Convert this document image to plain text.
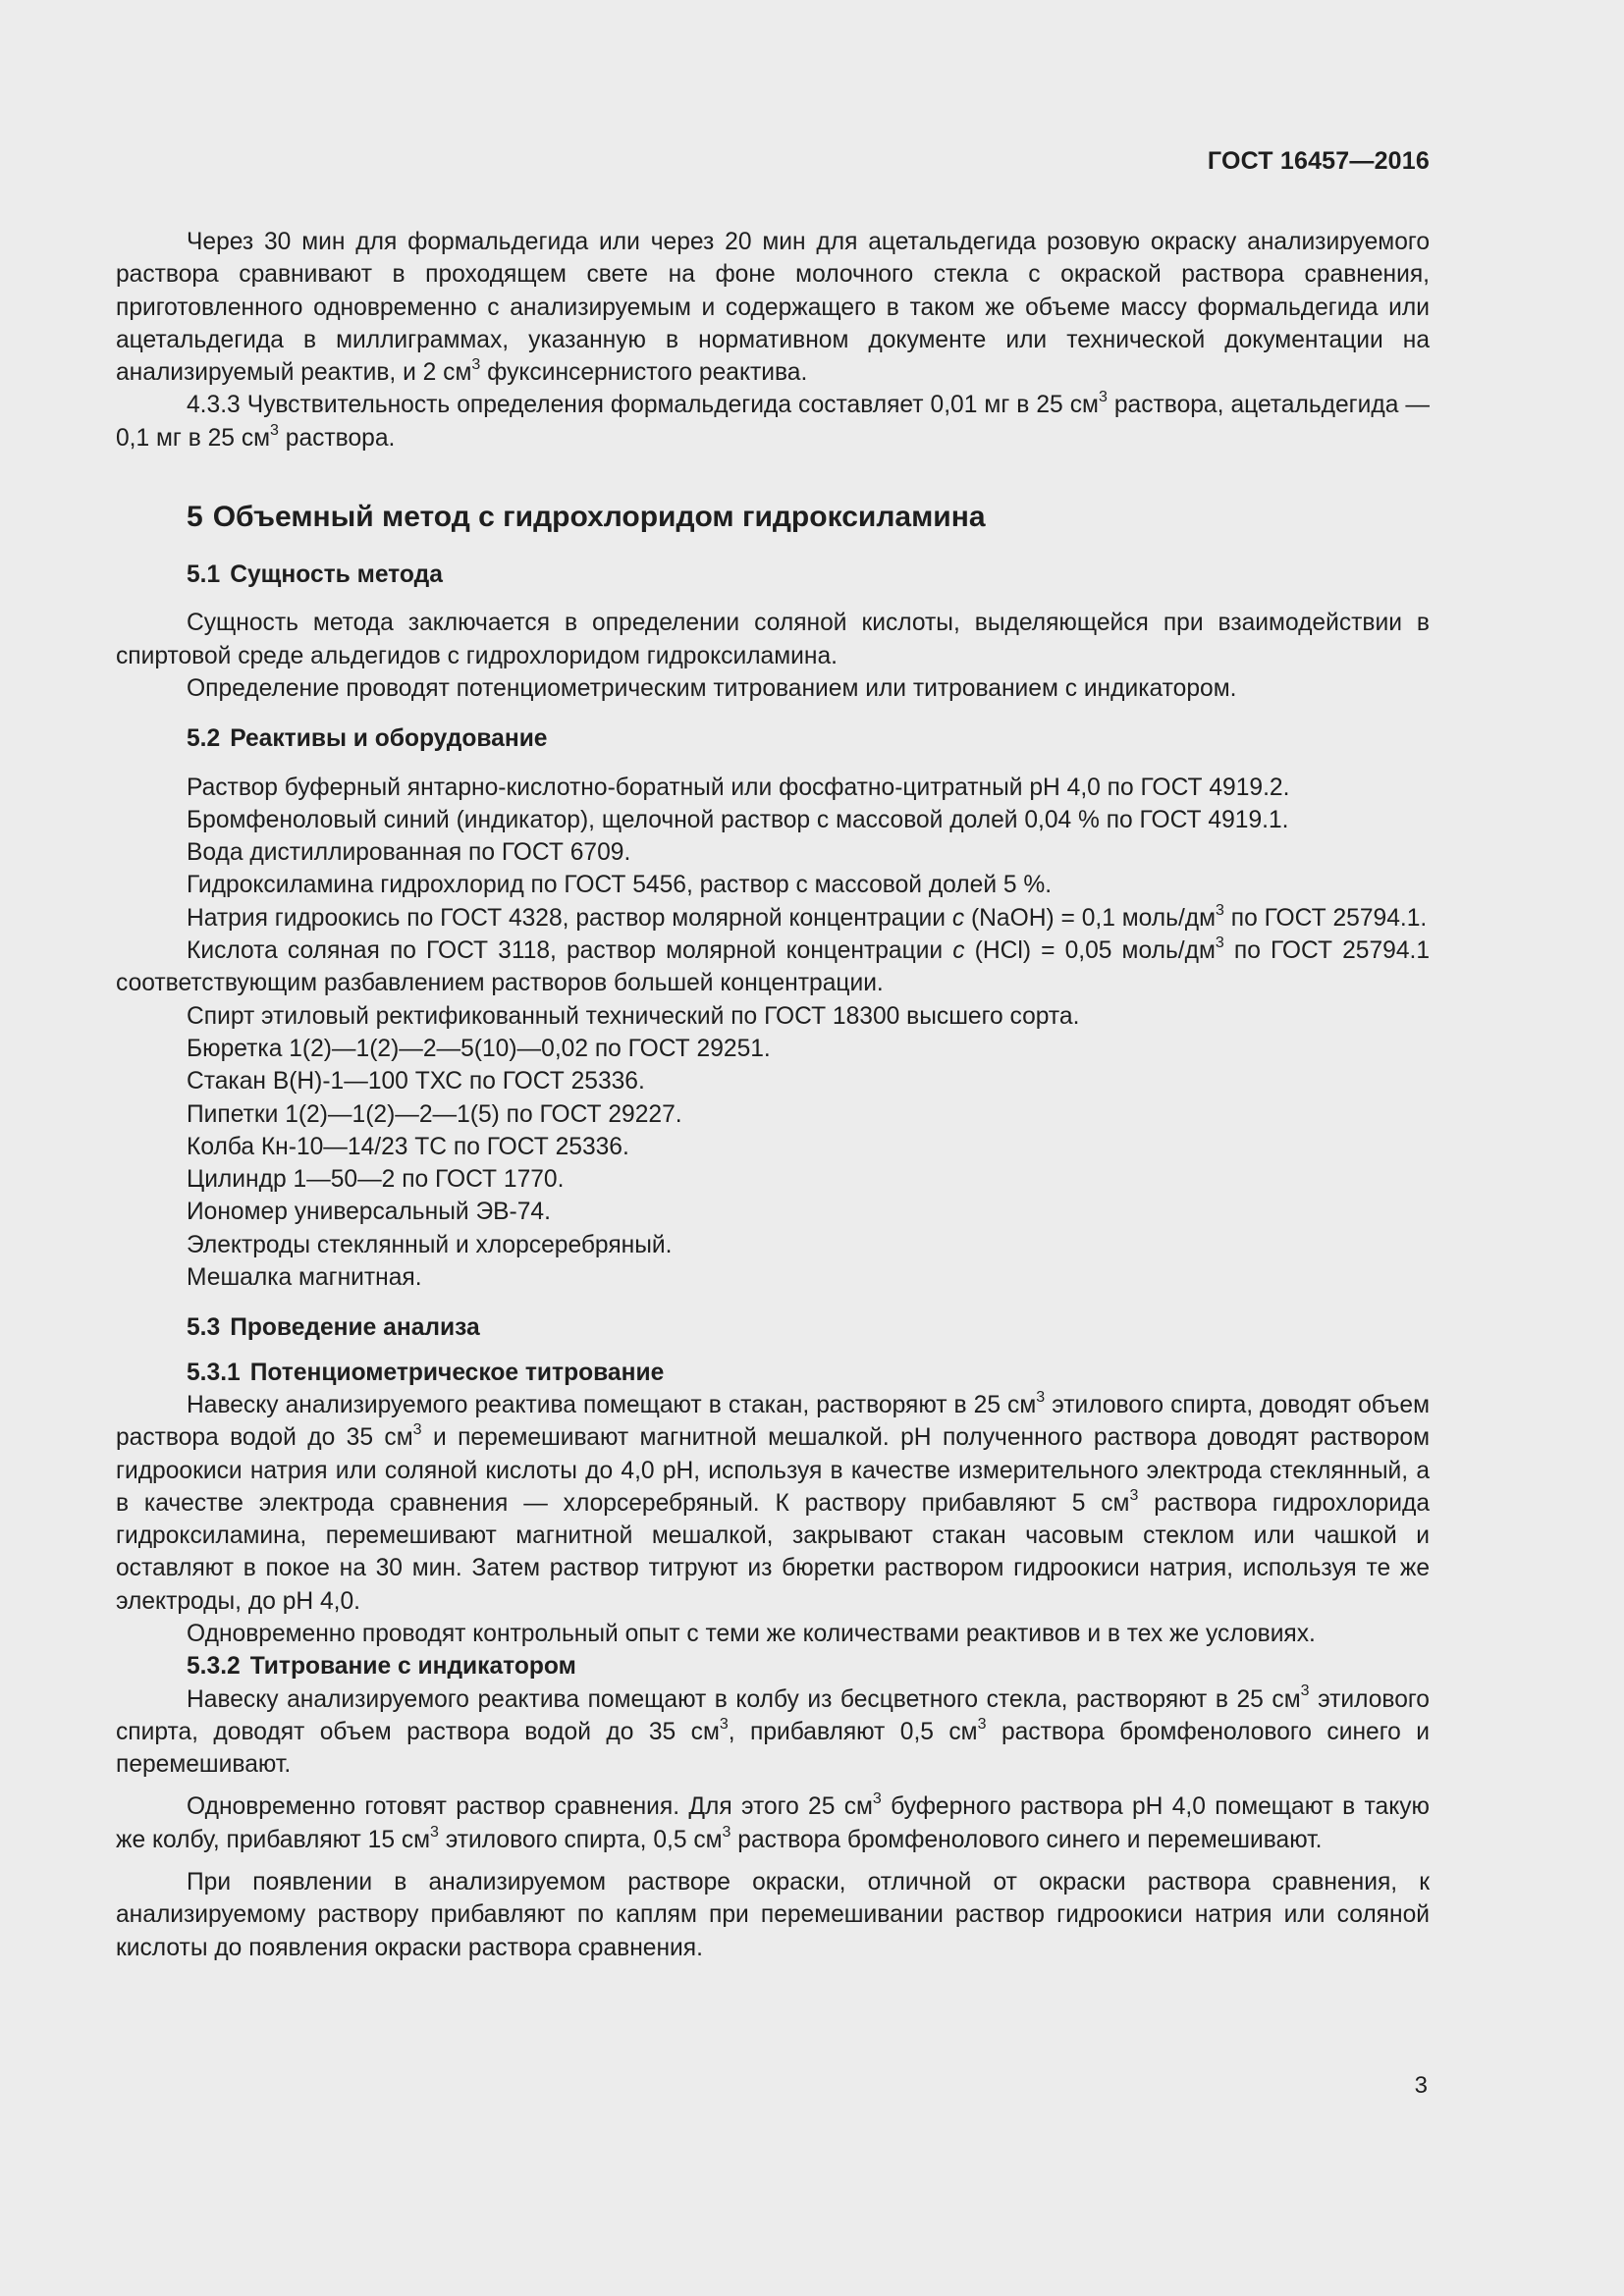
ГОСТ 16457—2016

Через 30 мин для формальдегида или через 20 мин для ацетальдегида розовую окраску анализируемого раствора сравнивают в проходящем свете на фоне молочного стекла с окраской раствора сравнения, приготовленного одновременно с анализируемым и содержащего в таком же объеме массу формальдегида или ацетальдегида в миллиграммах, указанную в нормативном документе или технической документации на анализируемый реактив, и 2 $см^3$ фуксинсернистого реактива.

4.3.3 Чувствительность определения формальдегида составляет 0,01 мг в 25 $см^3$ раствора, ацетальдегида — 0,1 мг в 25 $см^3$ раствора.

5 Объемный метод с гидрохлоридом гидроксиламина
5.1 Сущность метода

Сущность метода заключается в определении соляной кислоты, выделяющейся при взаимодействии в спиртовой среде альдегидов с гидрохлоридом гидроксиламина.

Определение проводят потенциометрическим титрованием или титрованием с индикатором.

5.2 Реактивы и оборудование

Раствор буферный янтарно-кислотно-боратный или фосфатно-цитратный pH 4,0 по ГОСТ 4919.2.

Бромфеноловый синий (индикатор), щелочной раствор с массовой долей 0,04 % по ГОСТ 4919.1.

Вода дистиллированная по ГОСТ 6709.

Гидроксиламина гидрохлорид по ГОСТ 5456, раствор с массовой долей 5 %.

Натрия гидроокись по ГОСТ 4328, раствор молярной концентрации c (NaOH) = 0,1 моль/$дм^3$ по ГОСТ 25794.1.

Кислота соляная по ГОСТ 3118, раствор молярной концентрации c (HCl) = 0,05 моль/$дм^3$ по ГОСТ 25794.1 соответствующим разбавлением растворов большей концентрации.

Спирт этиловый ректификованный технический по ГОСТ 18300 высшего сорта.

Бюретка 1(2)—1(2)—2—5(10)—0,02 по ГОСТ 29251.

Стакан В(Н)-1—100 ТХС по ГОСТ 25336.

Пипетки 1(2)—1(2)—2—1(5) по ГОСТ 29227.

Колба Кн-10—14/23 ТС по ГОСТ 25336.

Цилиндр 1—50—2 по ГОСТ 1770.

Иономер универсальный ЭВ-74.

Электроды стеклянный и хлорсеребряный.

Мешалка магнитная.

5.3 Проведение анализа
5.3.1 Потенциометрическое титрование

Навеску анализируемого реактива помещают в стакан, растворяют в 25 $см^3$ этилового спирта, доводят объем раствора водой до 35 $см^3$ и перемешивают магнитной мешалкой. pH полученного раствора доводят раствором гидроокиси натрия или соляной кислоты до 4,0 pH, используя в качестве измерительного электрода стеклянный, а в качестве электрода сравнения — хлорсеребряный. К раствору прибавляют 5 $см^3$ раствора гидрохлорида гидроксиламина, перемешивают магнитной мешалкой, закрывают стакан часовым стеклом или чашкой и оставляют в покое на 30 мин. Затем раствор титруют из бюретки раствором гидроокиси натрия, используя те же электроды, до pH 4,0.

Одновременно проводят контрольный опыт с теми же количествами реактивов и в тех же условиях.

5.3.2 Титрование с индикатором

Навеску анализируемого реактива помещают в колбу из бесцветного стекла, растворяют в 25 $см^3$ этилового спирта, доводят объем раствора водой до 35 $см^3$, прибавляют 0,5 $см^3$ раствора бромфенолового синего и перемешивают.

Одновременно готовят раствор сравнения. Для этого 25 $см^3$ буферного раствора pH 4,0 помещают в такую же колбу, прибавляют 15 $см^3$ этилового спирта, 0,5 $см^3$ раствора бромфенолового синего и перемешивают.

При появлении в анализируемом растворе окраски, отличной от окраски раствора сравнения, к анализируемому раствору прибавляют по каплям при перемешивании раствор гидроокиси натрия или соляной кислоты до появления окраски раствора сравнения.

3
